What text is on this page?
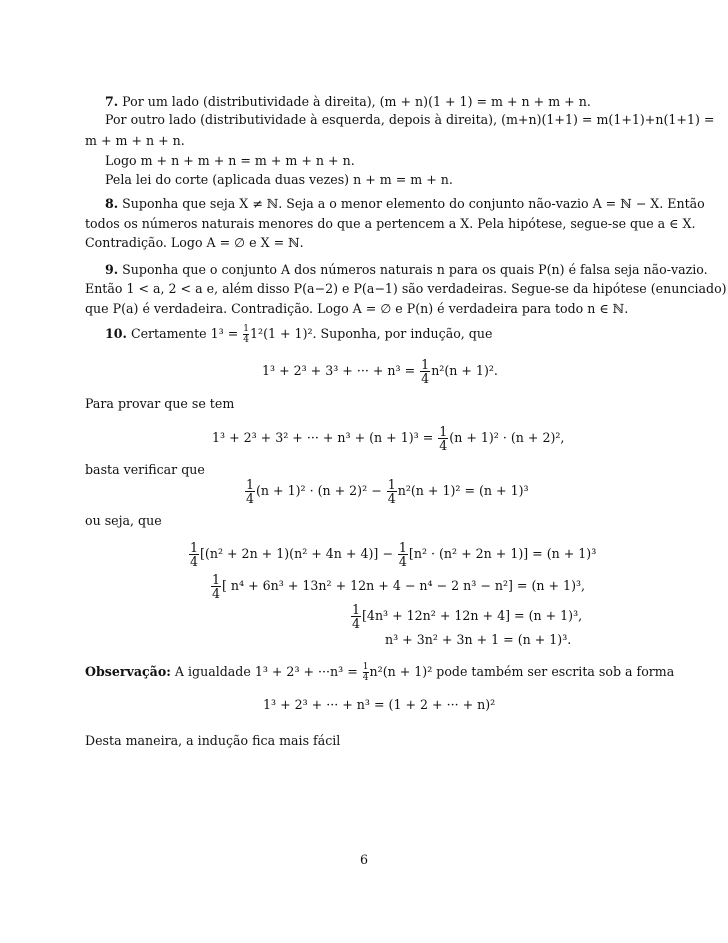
7. Por um lado (distributividade à direita), (m + n)(1 + 1) = m + n + m + n.
Por outro lado (distributividade à esquerda, depois à direita), (m+n)(1+1) = m(1+1)+n(1+1) =
m + m + n + n.
Logo m + n + m + n = m + m + n + n.
Pela lei do corte (aplicada duas vezes) n + m = m + n.
8. Suponha que seja X ≠ ℕ. Seja a o menor elemento do conjunto não-vazio A = ℕ − X. Então
todos os números naturais menores do que a pertencem a X. Pela hipótese, segue-se que a ∈ X.
Contradição. Logo A = ∅ e X = ℕ.
9. Suponha que o conjunto A dos números naturais n para os quais P(n) é falsa seja não-vazio.
Então 1 < a, 2 < a e, além disso P(a−2) e P(a−1) são verdadeiras. Segue-se da hipótese (enunciado)
que P(a) é verdadeira. Contradição. Logo A = ∅ e P(n) é verdadeira para todo n ∈ ℕ.
10. Certamente $1^3 = \frac{1}{4} 1^2(1 + 1)^2$. Suponha, por indução, que
1³ + 2³ + 3³ + ··· + $n^3 = \frac{1}{4} n^2(n + 1)^2$.
Para provar que se tem
1³ + 2³ + 3² + ··· + $n^3 + (n + 1)^3 = \frac{1}{4} (n + 1)^2 \cdot (n + 2)^2$,
basta verificar que
$\frac{1}{4} (n + 1)^2 \cdot (n + 2)^2 - \frac{1}{4} n^2(n + 1)^2 = (n + 1)^3$
ou seja, que
$\frac{1}{4} [(n^2 + 2n + 1)(n^2 + 4n + 4)] - \frac{1}{4} [n^2 \cdot (n^2 + 2n + 1)] = (n + 1)^3$
$\frac{1}{4}$ [ n⁴ + 6n³ + 13n² + 12n + 4 − n⁴ − 2 n³ − n²] = (n + 1)³,
$\frac{1}{4} [4n^3 + 12n^2 + 12n + 4] = (n + 1)^3$,
n³ + 3n² + 3n + 1 = (n + 1)³.
Observação: A igualdade $1^3 + 2^3 + \cdot\cdot\cdot n^3 = \frac{1}{4} n^2(n + 1)^2$ pode também ser escrita sob a forma
1³ + 2³ + ··· + n³ = (1 + 2 + ··· + n)²
Desta maneira, a indução fica mais fácil
6
